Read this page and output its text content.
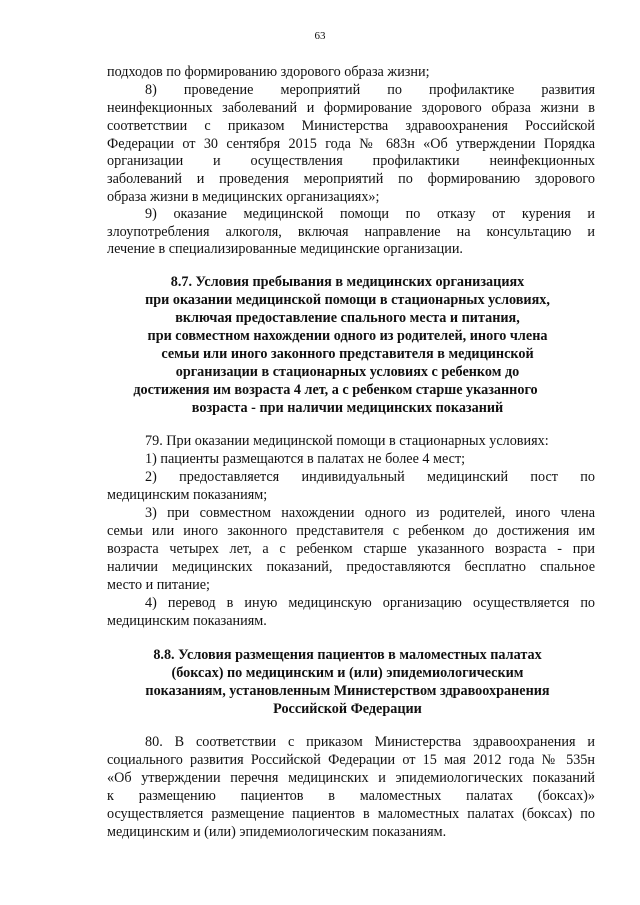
63
подходов по формированию здорового образа жизни;
8) проведение мероприятий по профилактике развития
неинфекционных заболеваний и формирование здорового образа жизни в
соответствии с приказом Министерства здравоохранения Российской
Федерации от 30 сентября 2015 года № 683н «Об утверждении Порядка
организации и осуществления профилактики неинфекционных
заболеваний и проведения мероприятий по формированию здорового
образа жизни в медицинских организациях»;
9) оказание медицинской помощи по отказу от курения и
злоупотребления алкоголя, включая направление на консультацию и
лечение в специализированные медицинские организации.
8.7. Условия пребывания в медицинских организациях
при оказании медицинской помощи в стационарных условиях,
включая предоставление спального места и питания,
при совместном нахождении одного из родителей, иного члена
семьи или иного законного представителя в медицинской
организации в стационарных условиях с ребенком до
достижения им возраста 4 лет, а с ребенком старше указанного
возраста - при наличии медицинских показаний
79. При оказании медицинской помощи в стационарных условиях:
1) пациенты размещаются в палатах не более 4 мест;
2) предоставляется индивидуальный медицинский пост по
медицинским показаниям;
3) при совместном нахождении одного из родителей, иного члена
семьи или иного законного представителя с ребенком до достижения им
возраста четырех лет, а с ребенком старше указанного возраста - при
наличии медицинских показаний, предоставляются бесплатно спальное
место и питание;
4) перевод в иную медицинскую организацию осуществляется по
медицинским показаниям.
8.8. Условия размещения пациентов в маломестных палатах
(боксах) по медицинским и (или) эпидемиологическим
показаниям, установленным Министерством здравоохранения
Российской Федерации
80. В соответствии с приказом Министерства здравоохранения и
социального развития Российской Федерации от 15 мая 2012 года № 535н
«Об утверждении перечня медицинских и эпидемиологических показаний
к размещению пациентов в маломестных палатах (боксах)»
осуществляется размещение пациентов в маломестных палатах (боксах) по
медицинским и (или) эпидемиологическим показаниям.
